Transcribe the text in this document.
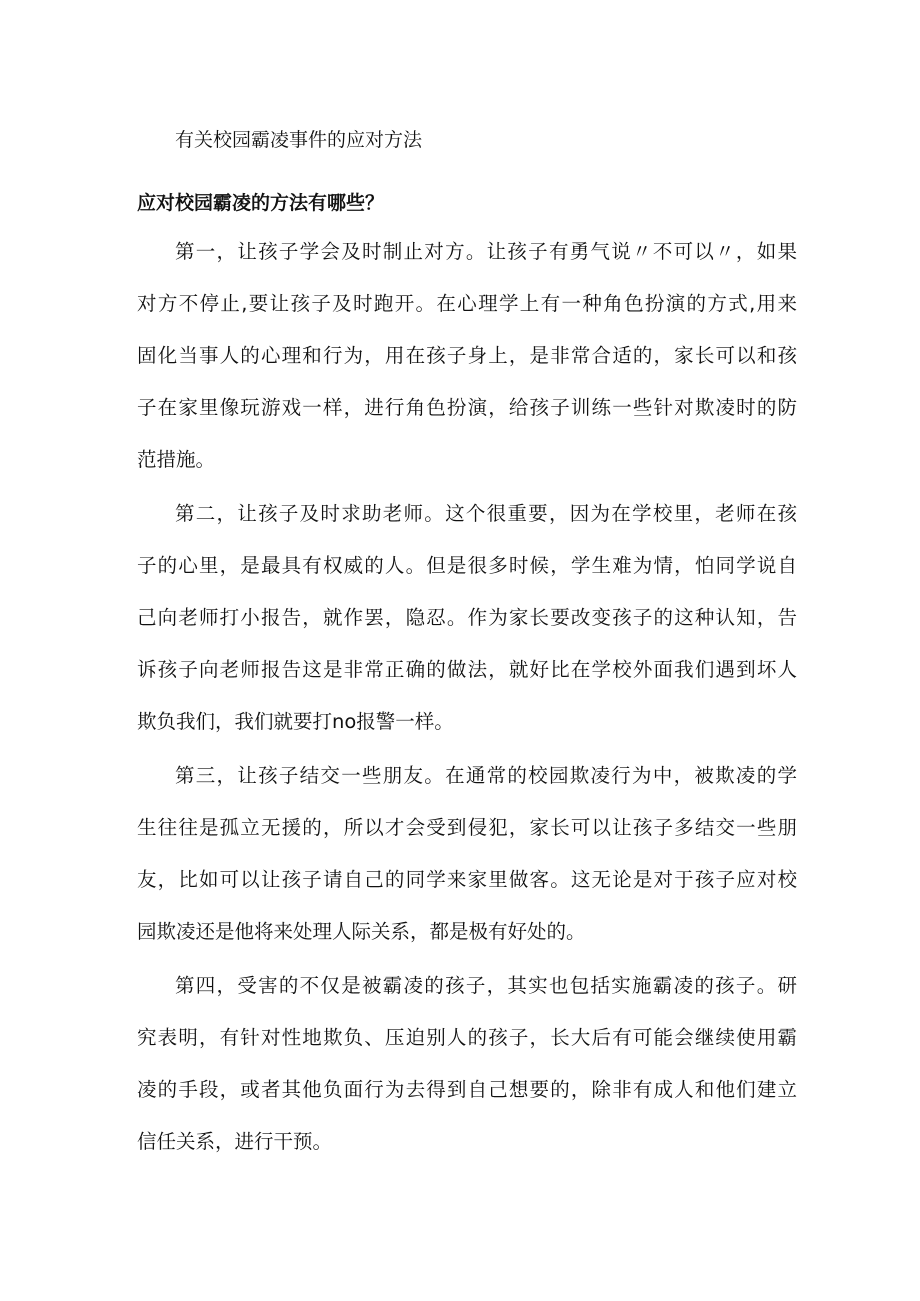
有关校园霸凌事件的应对方法
应对校园霸凌的方法有哪些？
第一，让孩子学会及时制止对方。让孩子有勇气说〃不可以〃，如果
对方不停止,要让孩子及时跑开。在心理学上有一种角色扮演的方式,用来
固化当事人的心理和行为，用在孩子身上，是非常合适的，家长可以和孩
子在家里像玩游戏一样，进行角色扮演，给孩子训练一些针对欺凌时的防
范措施。
第二，让孩子及时求助老师。这个很重要，因为在学校里，老师在孩
子的心里，是最具有权威的人。但是很多时候，学生难为情，怕同学说自
己向老师打小报告，就作罢，隐忍。作为家长要改变孩子的这种认知，告
诉孩子向老师报告这是非常正确的做法，就好比在学校外面我们遇到坏人
欺负我们，我们就要打no报警一样。
第三，让孩子结交一些朋友。在通常的校园欺凌行为中，被欺凌的学
生往往是孤立无援的，所以才会受到侵犯，家长可以让孩子多结交一些朋
友，比如可以让孩子请自己的同学来家里做客。这无论是对于孩子应对校
园欺凌还是他将来处理人际关系，都是极有好处的。
第四，受害的不仅是被霸凌的孩子，其实也包括实施霸凌的孩子。研
究表明，有针对性地欺负、压迫别人的孩子，长大后有可能会继续使用霸
凌的手段，或者其他负面行为去得到自己想要的，除非有成人和他们建立
信任关系，进行干预。
